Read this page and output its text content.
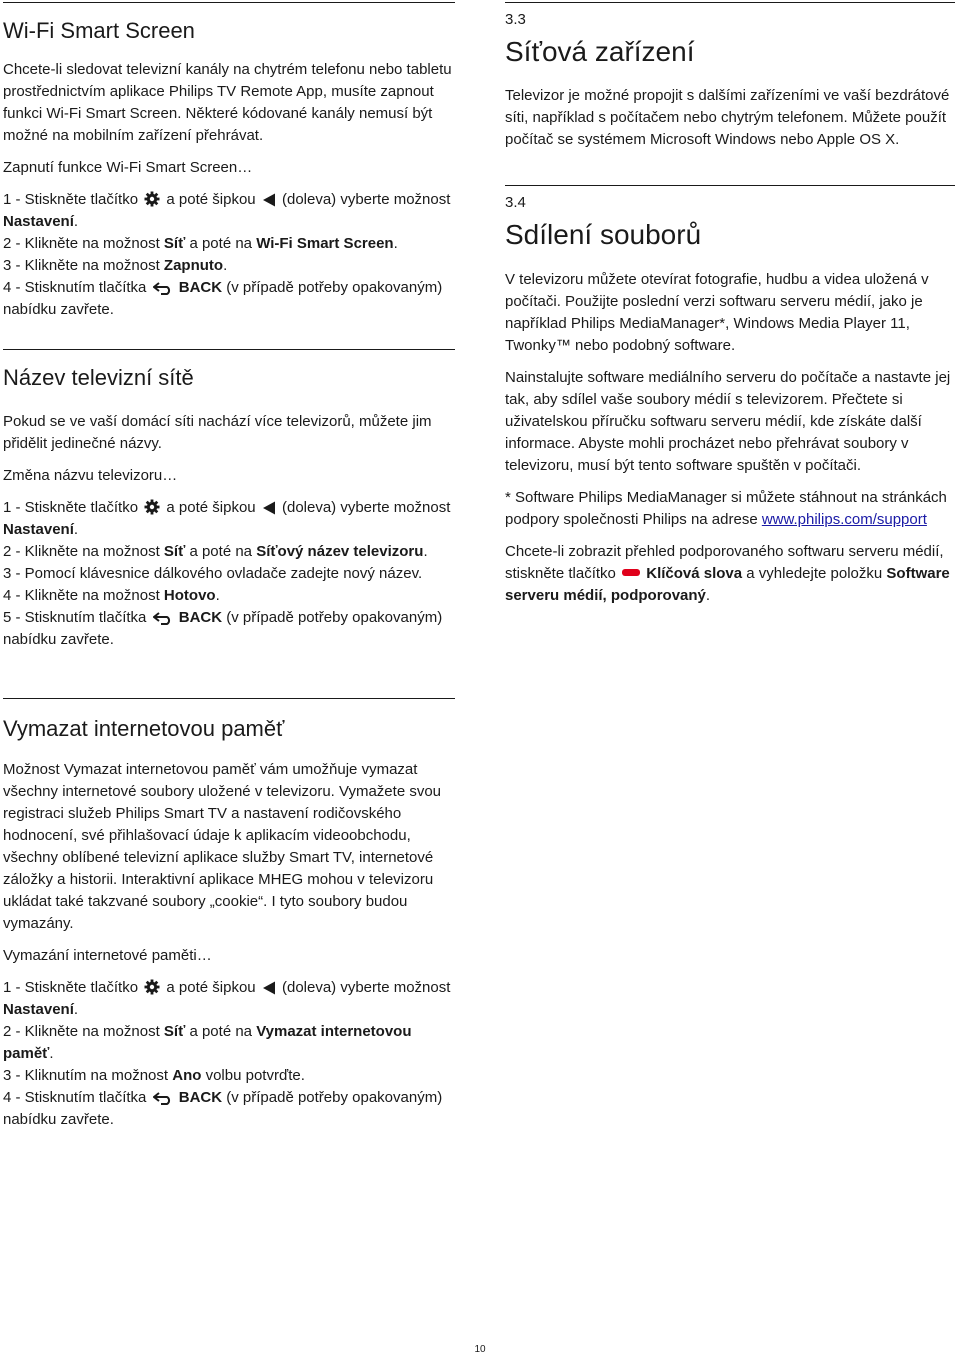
Wi-Fi Smart Screen

Chcete-li sledovat televizní kanály na chytrém telefonu nebo tabletu prostřednictvím aplikace Philips TV Remote App, musíte zapnout funkci Wi-Fi Smart Screen. Některé kódované kanály nemusí být možné na mobilním zařízení přehrávat.

Zapnutí funkce Wi-Fi Smart Screen…

1 - Stiskněte tlačítko a poté šipkou (doleva) vyberte možnost Nastavení.
2 - Klikněte na možnost Síť a poté na Wi-Fi Smart Screen.
3 - Klikněte na možnost Zapnuto.
4 - Stisknutím tlačítka BACK (v případě potřeby opakovaným) nabídku zavřete.

Název televizní sítě

Pokud se ve vaší domácí síti nachází více televizorů, můžete jim přidělit jedinečné názvy.

Změna názvu televizoru…

1 - Stiskněte tlačítko a poté šipkou (doleva) vyberte možnost Nastavení.
2 - Klikněte na možnost Síť a poté na Síťový název televizoru.
3 - Pomocí klávesnice dálkového ovladače zadejte nový název.
4 - Klikněte na možnost Hotovo.
5 - Stisknutím tlačítka BACK (v případě potřeby opakovaným) nabídku zavřete.

Vymazat internetovou paměť

Možnost Vymazat internetovou paměť vám umožňuje vymazat všechny internetové soubory uložené v televizoru. Vymažete svou registraci služeb Philips Smart TV a nastavení rodičovského hodnocení, své přihlašovací údaje k aplikacím videoobchodu, všechny oblíbené televizní aplikace služby Smart TV, internetové záložky a historii. Interaktivní aplikace MHEG mohou v televizoru ukládat také takzvané soubory „cookie“. I tyto soubory budou vymazány.

Vymazání internetové paměti…

1 - Stiskněte tlačítko a poté šipkou (doleva) vyberte možnost Nastavení.
2 - Klikněte na možnost Síť a poté na Vymazat internetovou paměť.
3 - Kliknutím na možnost Ano volbu potvrďte.
4 - Stisknutím tlačítka BACK (v případě potřeby opakovaným) nabídku zavřete.

3.3

Síťová zařízení

Televizor je možné propojit s dalšími zařízeními ve vaší bezdrátové síti, například s počítačem nebo chytrým telefonem. Můžete použít počítač se systémem Microsoft Windows nebo Apple OS X.

3.4

Sdílení souborů

V televizoru můžete otevírat fotografie, hudbu a videa uložená v počítači. Použijte poslední verzi softwaru serveru médií, jako je například Philips MediaManager*, Windows Media Player 11, Twonky™ nebo podobný software.

Nainstalujte software mediálního serveru do počítače a nastavte jej tak, aby sdílel vaše soubory médií s televizorem. Přečtete si uživatelskou příručku softwaru serveru médií, kde získáte další informace. Abyste mohli procházet nebo přehrávat soubory v televizoru, musí být tento software spuštěn v počítači.

* Software Philips MediaManager si můžete stáhnout na stránkách podpory společnosti Philips na adrese www.philips.com/support

Chcete-li zobrazit přehled podporovaného softwaru serveru médií, stiskněte tlačítko Klíčová slova a vyhledejte položku Software serveru médií, podporovaný.

10
